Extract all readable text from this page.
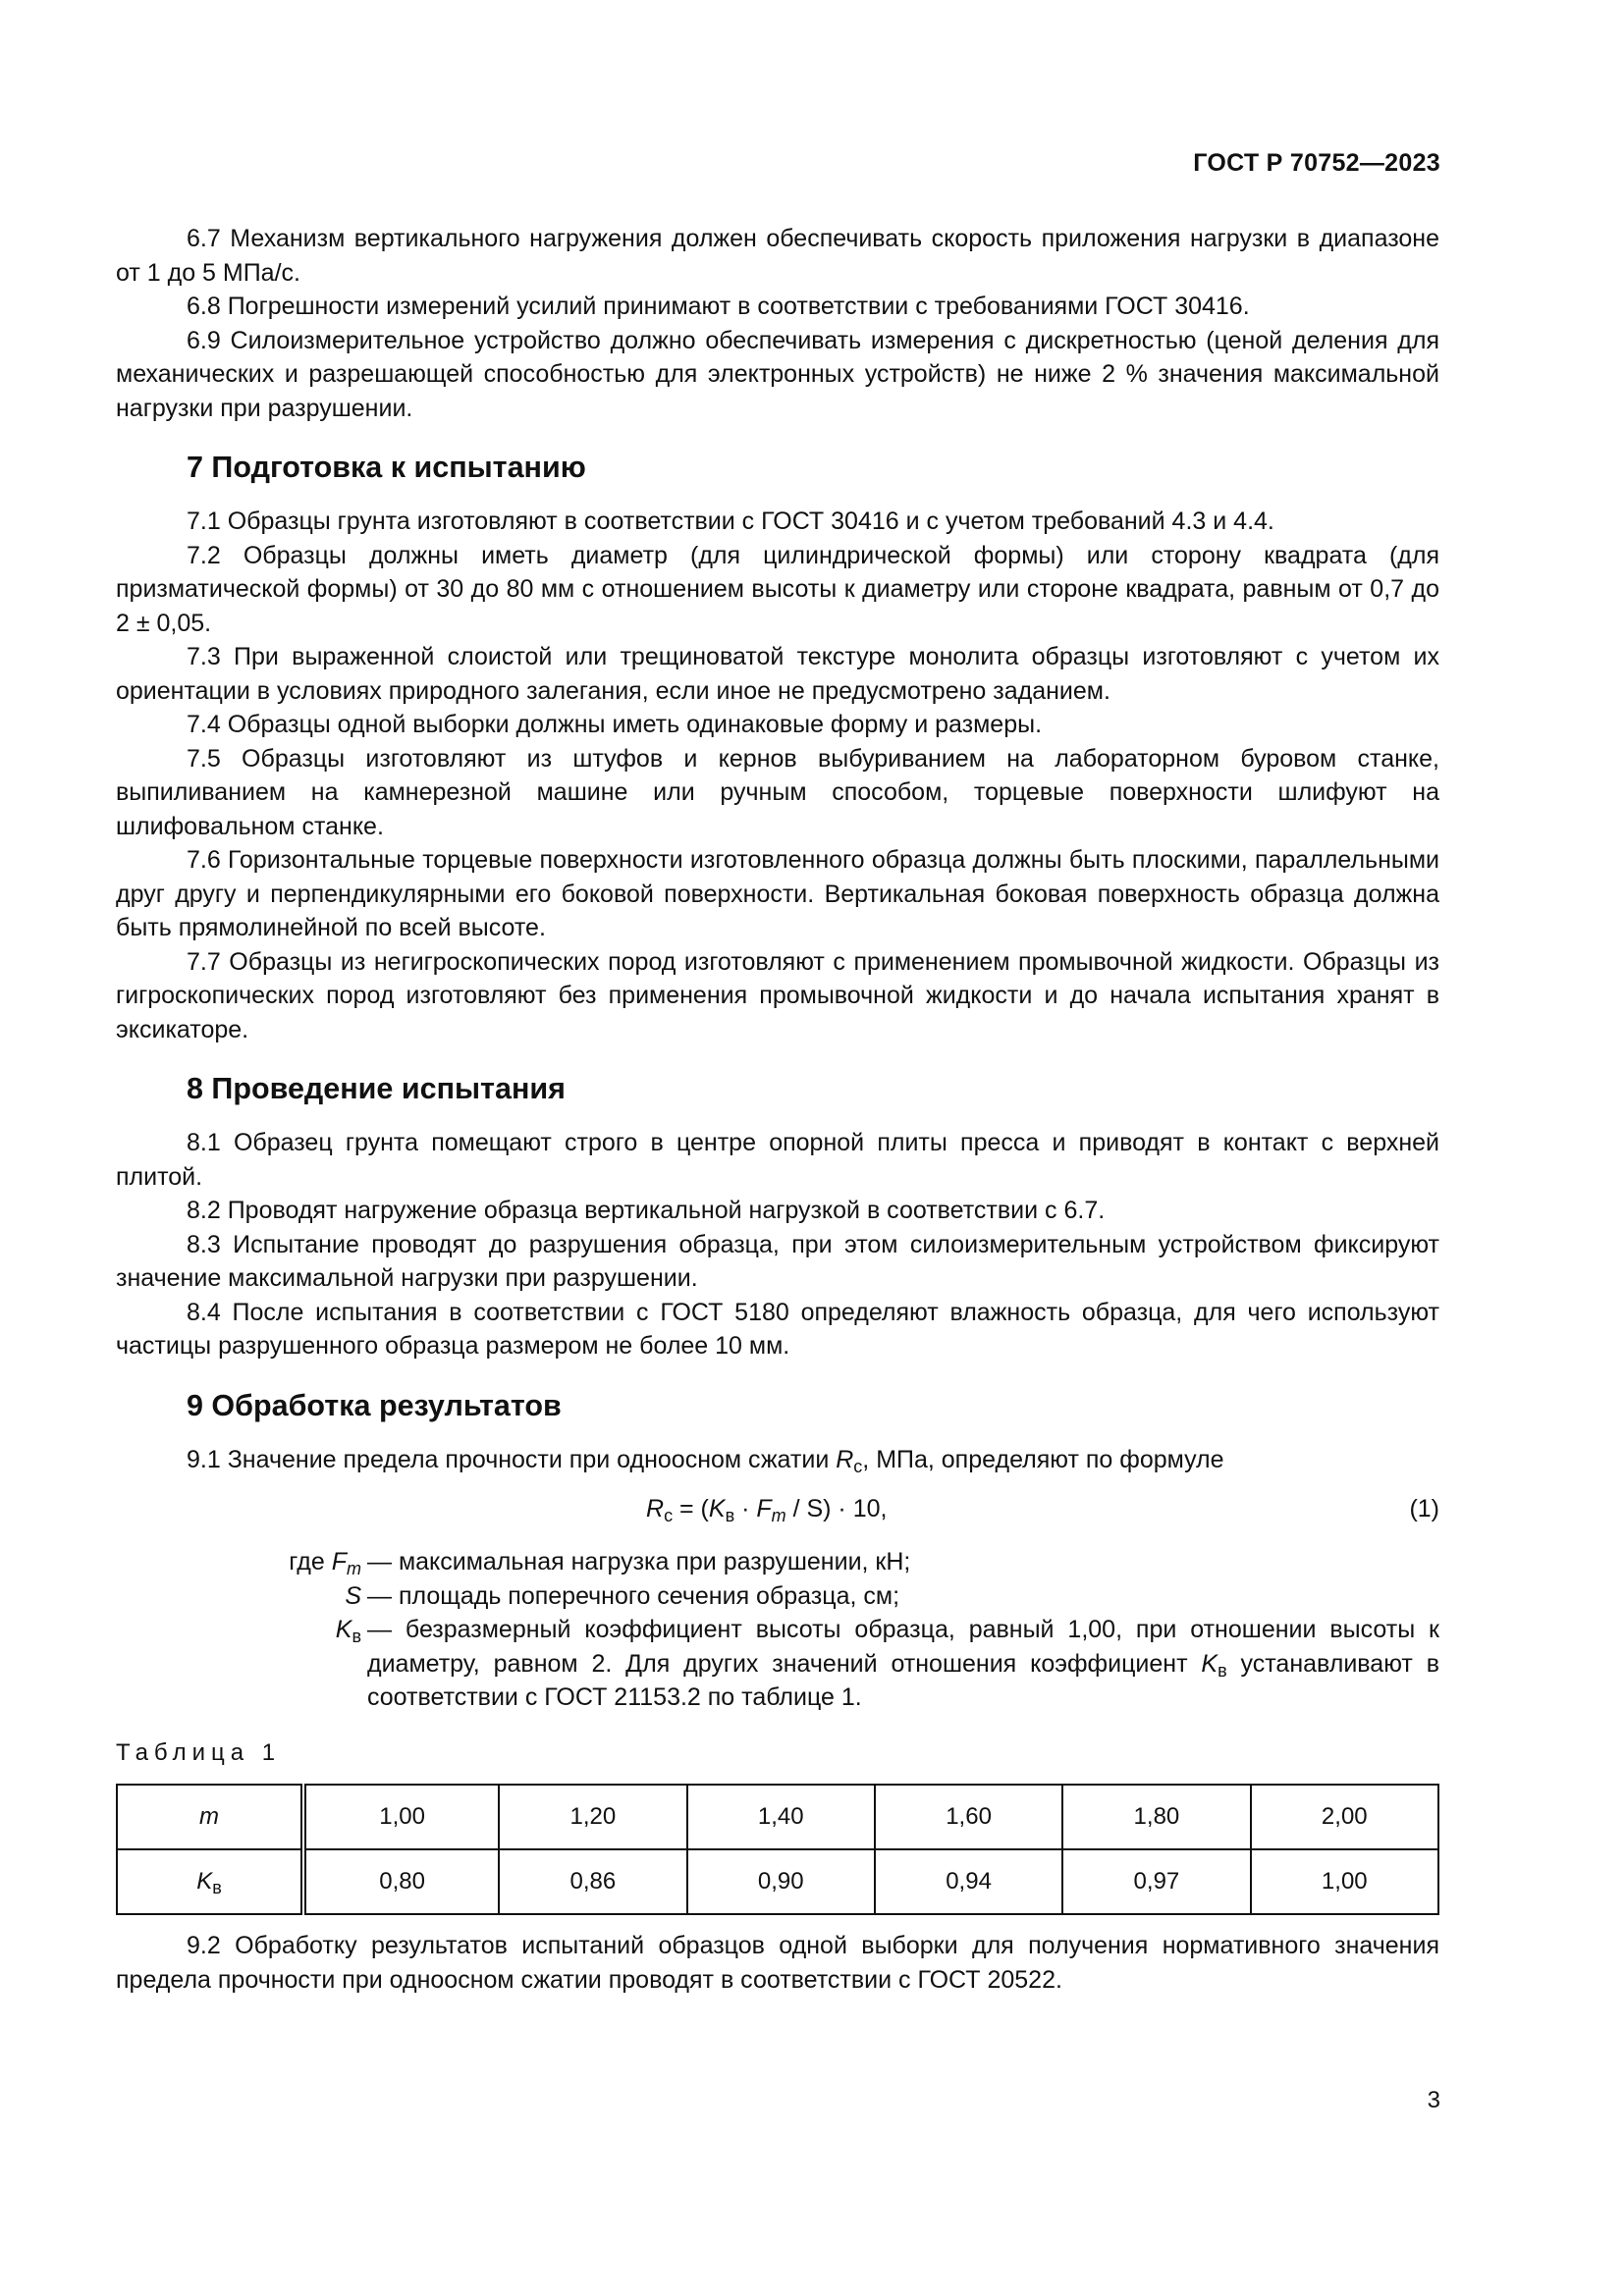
ГОСТ Р 70752—2023

6.7 Механизм вертикального нагружения должен обеспечивать скорость приложения нагрузки в диапазоне от 1 до 5 МПа/с.

6.8 Погрешности измерений усилий принимают в соответствии с требованиями ГОСТ 30416.

6.9 Силоизмерительное устройство должно обеспечивать измерения с дискретностью (ценой деления для механических и разрешающей способностью для электронных устройств) не ниже 2 % значения максимальной нагрузки при разрушении.

7 Подготовка к испытанию

7.1 Образцы грунта изготовляют в соответствии с ГОСТ 30416 и с учетом требований 4.3 и 4.4.

7.2 Образцы должны иметь диаметр (для цилиндрической формы) или сторону квадрата (для призматической формы) от 30 до 80 мм с отношением высоты к диаметру или стороне квадрата, равным от 0,7 до 2 ± 0,05.

7.3 При выраженной слоистой или трещиноватой текстуре монолита образцы изготовляют с учетом их ориентации в условиях природного залегания, если иное не предусмотрено заданием.

7.4 Образцы одной выборки должны иметь одинаковые форму и размеры.

7.5 Образцы изготовляют из штуфов и кернов выбуриванием на лабораторном буровом станке, выпиливанием на камнерезной машине или ручным способом, торцевые поверхности шлифуют на шлифовальном станке.

7.6 Горизонтальные торцевые поверхности изготовленного образца должны быть плоскими, параллельными друг другу и перпендикулярными его боковой поверхности. Вертикальная боковая поверхность образца должна быть прямолинейной по всей высоте.

7.7 Образцы из негигроскопических пород изготовляют с применением промывочной жидкости. Образцы из гигроскопических пород изготовляют без применения промывочной жидкости и до начала испытания хранят в эксикаторе.

8 Проведение испытания

8.1 Образец грунта помещают строго в центре опорной плиты пресса и приводят в контакт с верхней плитой.

8.2 Проводят нагружение образца вертикальной нагрузкой в соответствии с 6.7.

8.3 Испытание проводят до разрушения образца, при этом силоизмерительным устройством фиксируют значение максимальной нагрузки при разрушении.

8.4 После испытания в соответствии с ГОСТ 5180 определяют влажность образца, для чего используют частицы разрушенного образца размером не более 10 мм.

9 Обработка результатов

9.1 Значение предела прочности при одноосном сжатии $R_с$, МПа, определяют по формуле

$R_с = (K_в \cdot F_m / S) \cdot 10$,	(1)
где $F_m$ — максимальная нагрузка при разрушении, кН;
S — площадь поперечного сечения образца, см;
$K_в$ — безразмерный коэффициент высоты образца, равный 1,00, при отношении высоты к диаметру, равном 2. Для других значений отношения коэффициент $K_в$ устанавливают в соответствии с ГОСТ 21153.2 по таблице 1.
Таблица 1
m	1,00	1,20	1,40	1,60	1,80	2,00
$K_в$	0,80	0,86	0,90	0,94	0,97	1,00

9.2 Обработку результатов испытаний образцов одной выборки для получения нормативного значения предела прочности при одноосном сжатии проводят в соответствии с ГОСТ 20522.

3
